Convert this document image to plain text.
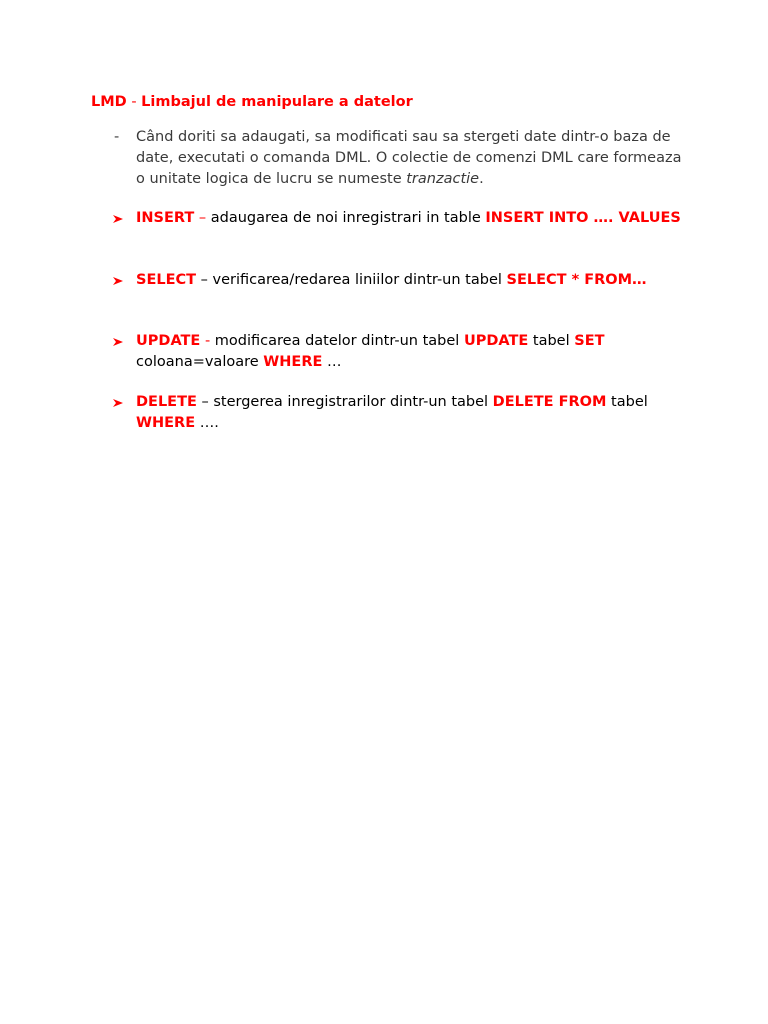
LMD - Limbajul de manipulare a datelor
- Când doriti sa adaugati, sa modificati sau sa stergeti date dintr-o baza de date, executati o comanda DML. O colectie de comenzi DML care formeaza o unitate logica de lucru se numeste tranzactie.
INSERT – adaugarea de noi inregistrari in table INSERT INTO …. VALUES
SELECT – verificarea/redarea liniilor dintr-un tabel SELECT * FROM…
UPDATE - modificarea datelor dintr-un tabel UPDATE tabel SET
coloana=valoare WHERE …
DELETE – stergerea inregistrarilor dintr-un tabel DELETE FROM tabel
WHERE ….
